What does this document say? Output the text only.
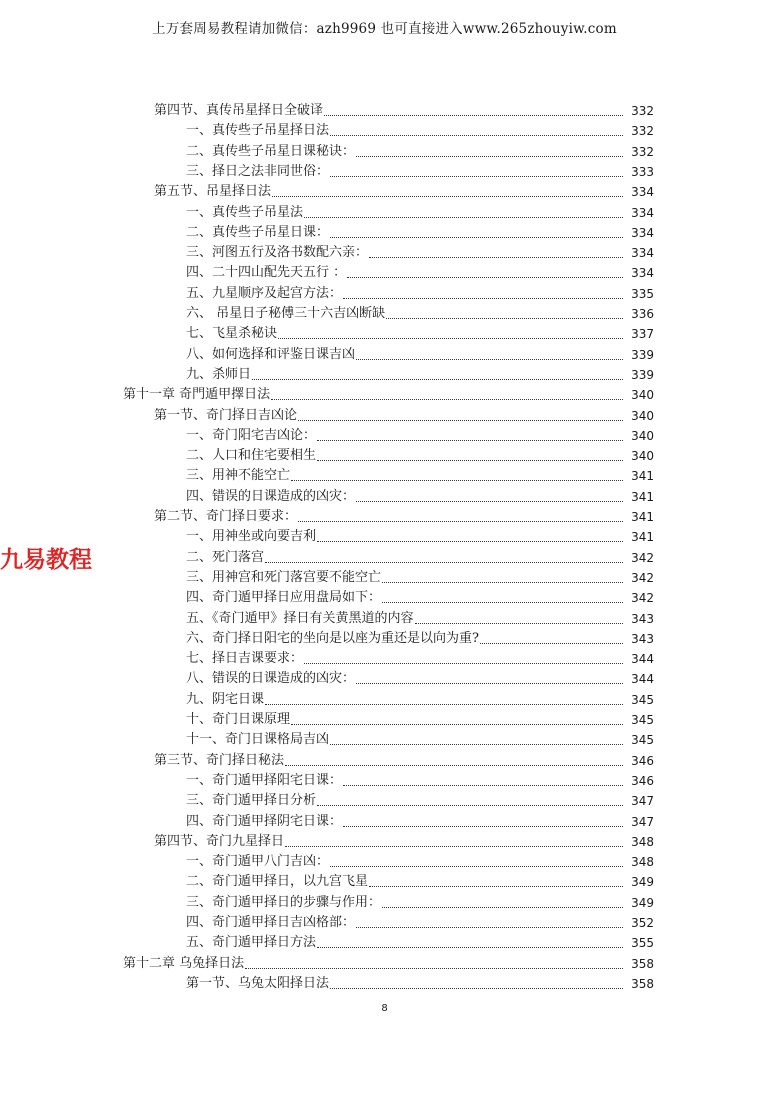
上万套周易教程请加微信：azh9969 也可直接进入www.265zhouyiw.com
九易教程
第四节、真传吊星择日全破译	332
一、真传些子吊星择日法	332
二、真传些子吊星日课秘诀：	332
三、择日之法非同世俗：	333
第五节、吊星择日法	334
一、真传些子吊星法	334
二、真传些子吊星日课：	334
三、河图五行及洛书数配六亲：	334
四、二十四山配先天五行 ：	334
五、九星顺序及起宫方法：	335
六、 吊星日子秘傅三十六吉凶断缺	336
七、飞星杀秘诀	337
八、如何选择和评鉴日课吉凶	339
九、杀师日	339
第十一章 奇門遁甲擇日法	340
第一节、奇门择日吉凶论	340
一、奇门阳宅吉凶论：	340
二、人口和住宅要相生	340
三、用神不能空亡	341
四、错误的日课造成的凶灾：	341
第二节、奇门择日要求：	341
一、用神坐或向要吉利	341
二、死门落宫	342
三、用神宫和死门落宫要不能空亡	342
四、奇门遁甲择日应用盘局如下：	342
五、《奇门遁甲》择日有关黄黑道的内容	343
六、奇门择日阳宅的坐向是以座为重还是以向为重?	343
七、择日吉课要求：	344
八、错误的日课造成的凶灾：	344
九、阴宅日课	345
十、奇门日课原理	345
十一、奇门日课格局吉凶	345
第三节、奇门择日秘法	346
一、奇门遁甲择阳宅日课：	346
三、奇门遁甲择日分析	347
四、奇门遁甲择阴宅日课：	347
第四节、奇门九星择日	348
一、奇门遁甲八门吉凶：	348
二、奇门遁甲择日，以九宫飞星	349
三、奇门遁甲择日的步骤与作用：	349
四、奇门遁甲择日吉凶格部：	352
五、奇门遁甲择日方法	355
第十二章 乌兔择日法	358
第一节、乌兔太阳择日法	358
8
